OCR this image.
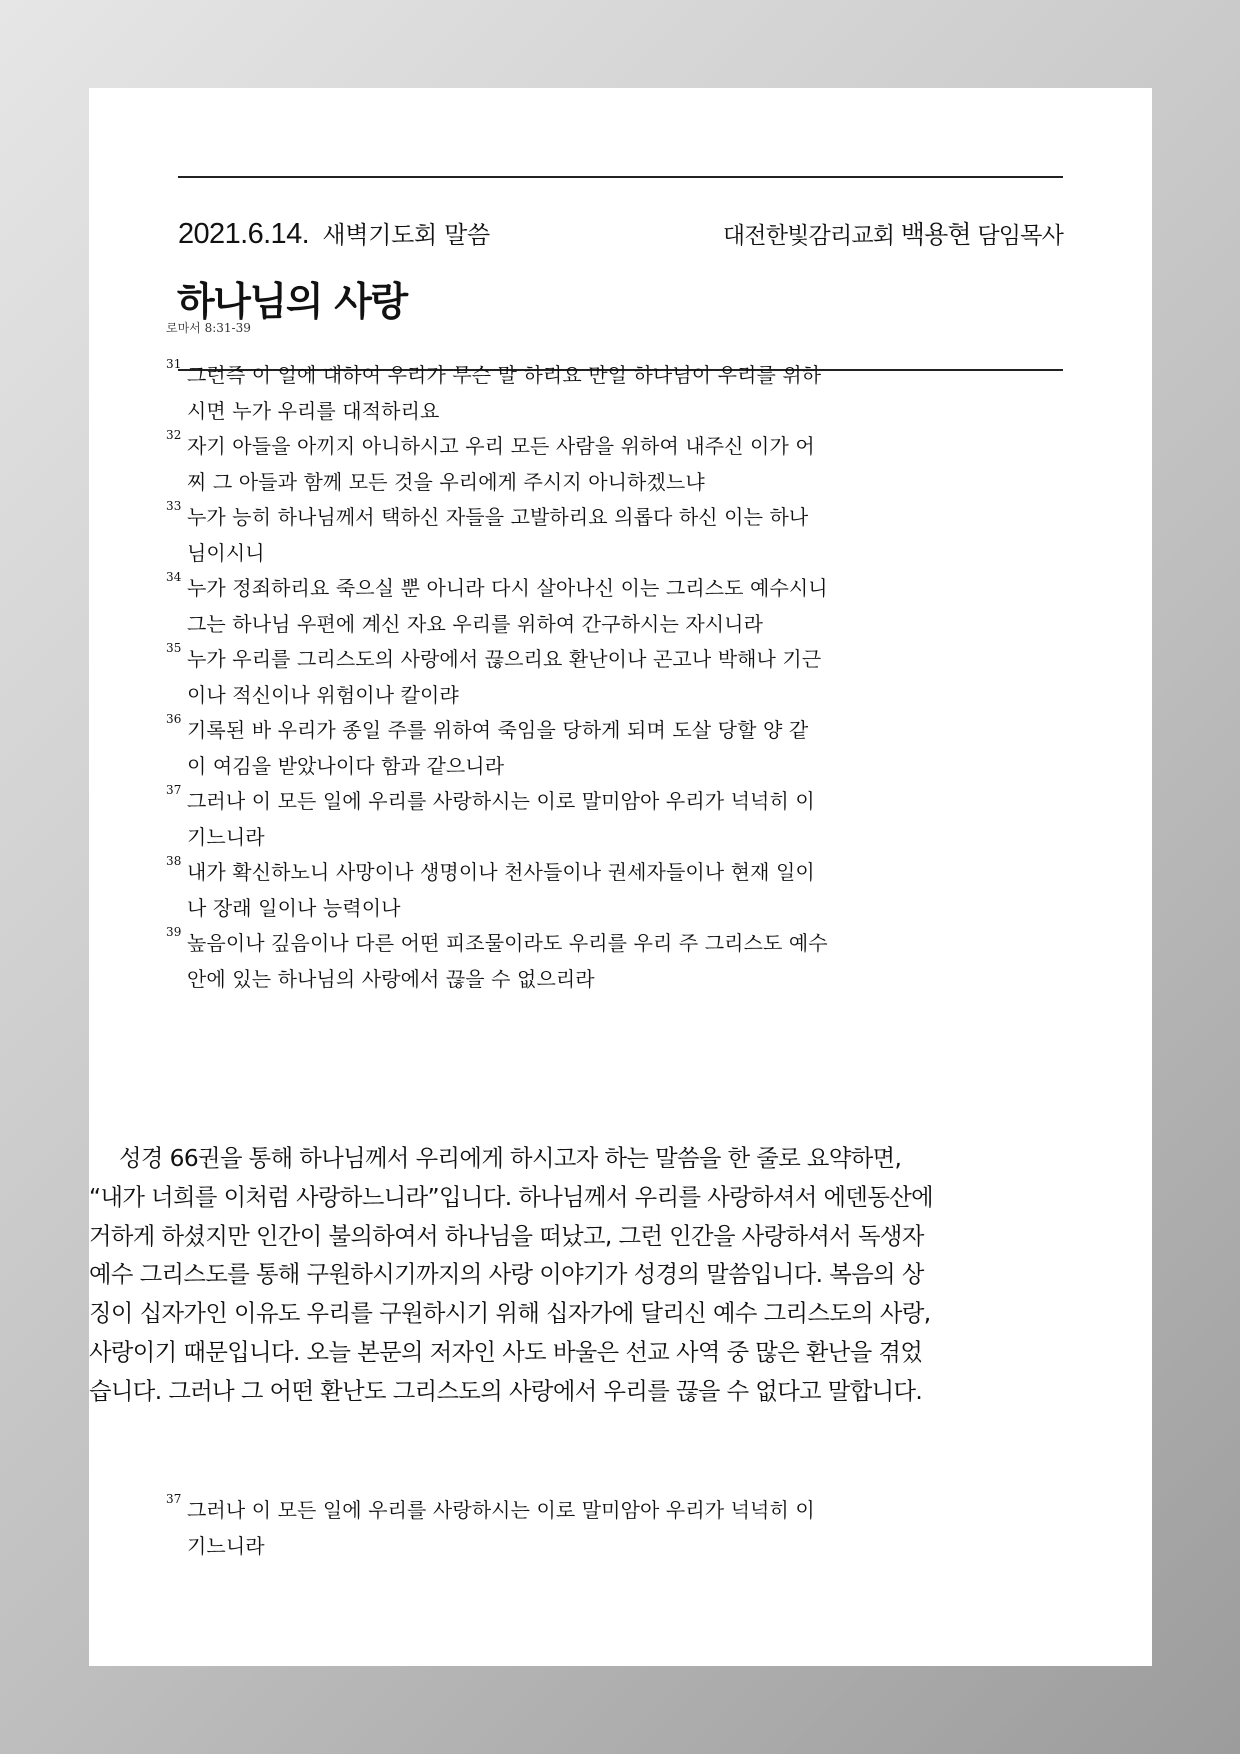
2021.6.14. 새벽기도회 말씀	대전한빛감리교회 백용현 담임목사
하나님의 사랑
로마서 8:31-39
31 그런즉 이 일에 대하여 우리가 무슨 말 하리요 만일 하나님이 우리를 위하
시면 누가 우리를 대적하리요
32 자기 아들을 아끼지 아니하시고 우리 모든 사람을 위하여 내주신 이가 어
찌 그 아들과 함께 모든 것을 우리에게 주시지 아니하겠느냐
33 누가 능히 하나님께서 택하신 자들을 고발하리요 의롭다 하신 이는 하나
님이시니
34 누가 정죄하리요 죽으실 뿐 아니라 다시 살아나신 이는 그리스도 예수시니
그는 하나님 우편에 계신 자요 우리를 위하여 간구하시는 자시니라
35 누가 우리를 그리스도의 사랑에서 끊으리요 환난이나 곤고나 박해나 기근
이나 적신이나 위험이나 칼이랴
36 기록된 바 우리가 종일 주를 위하여 죽임을 당하게 되며 도살 당할 양 같
이 여김을 받았나이다 함과 같으니라
37 그러나 이 모든 일에 우리를 사랑하시는 이로 말미암아 우리가 넉넉히 이
기느니라
38 내가 확신하노니 사망이나 생명이나 천사들이나 권세자들이나 현재 일이
나 장래 일이나 능력이나
39 높음이나 깊음이나 다른 어떤 피조물이라도 우리를 우리 주 그리스도 예수
안에 있는 하나님의 사랑에서 끊을 수 없으리라
성경 66권을 통해 하나님께서 우리에게 하시고자 하는 말씀을 한 줄로 요약하면,
“내가 너희를 이처럼 사랑하느니라”입니다. 하나님께서 우리를 사랑하셔서 에덴동산에
거하게 하셨지만 인간이 불의하여서 하나님을 떠났고, 그런 인간을 사랑하셔서 독생자
예수 그리스도를 통해 구원하시기까지의 사랑 이야기가 성경의 말씀입니다. 복음의 상
징이 십자가인 이유도 우리를 구원하시기 위해 십자가에 달리신 예수 그리스도의 사랑,
사랑이기 때문입니다. 오늘 본문의 저자인 사도 바울은 선교 사역 중 많은 환난을 겪었
습니다. 그러나 그 어떤 환난도 그리스도의 사랑에서 우리를 끊을 수 없다고 말합니다.
37 그러나 이 모든 일에 우리를 사랑하시는 이로 말미암아 우리가 넉넉히 이
기느니라
